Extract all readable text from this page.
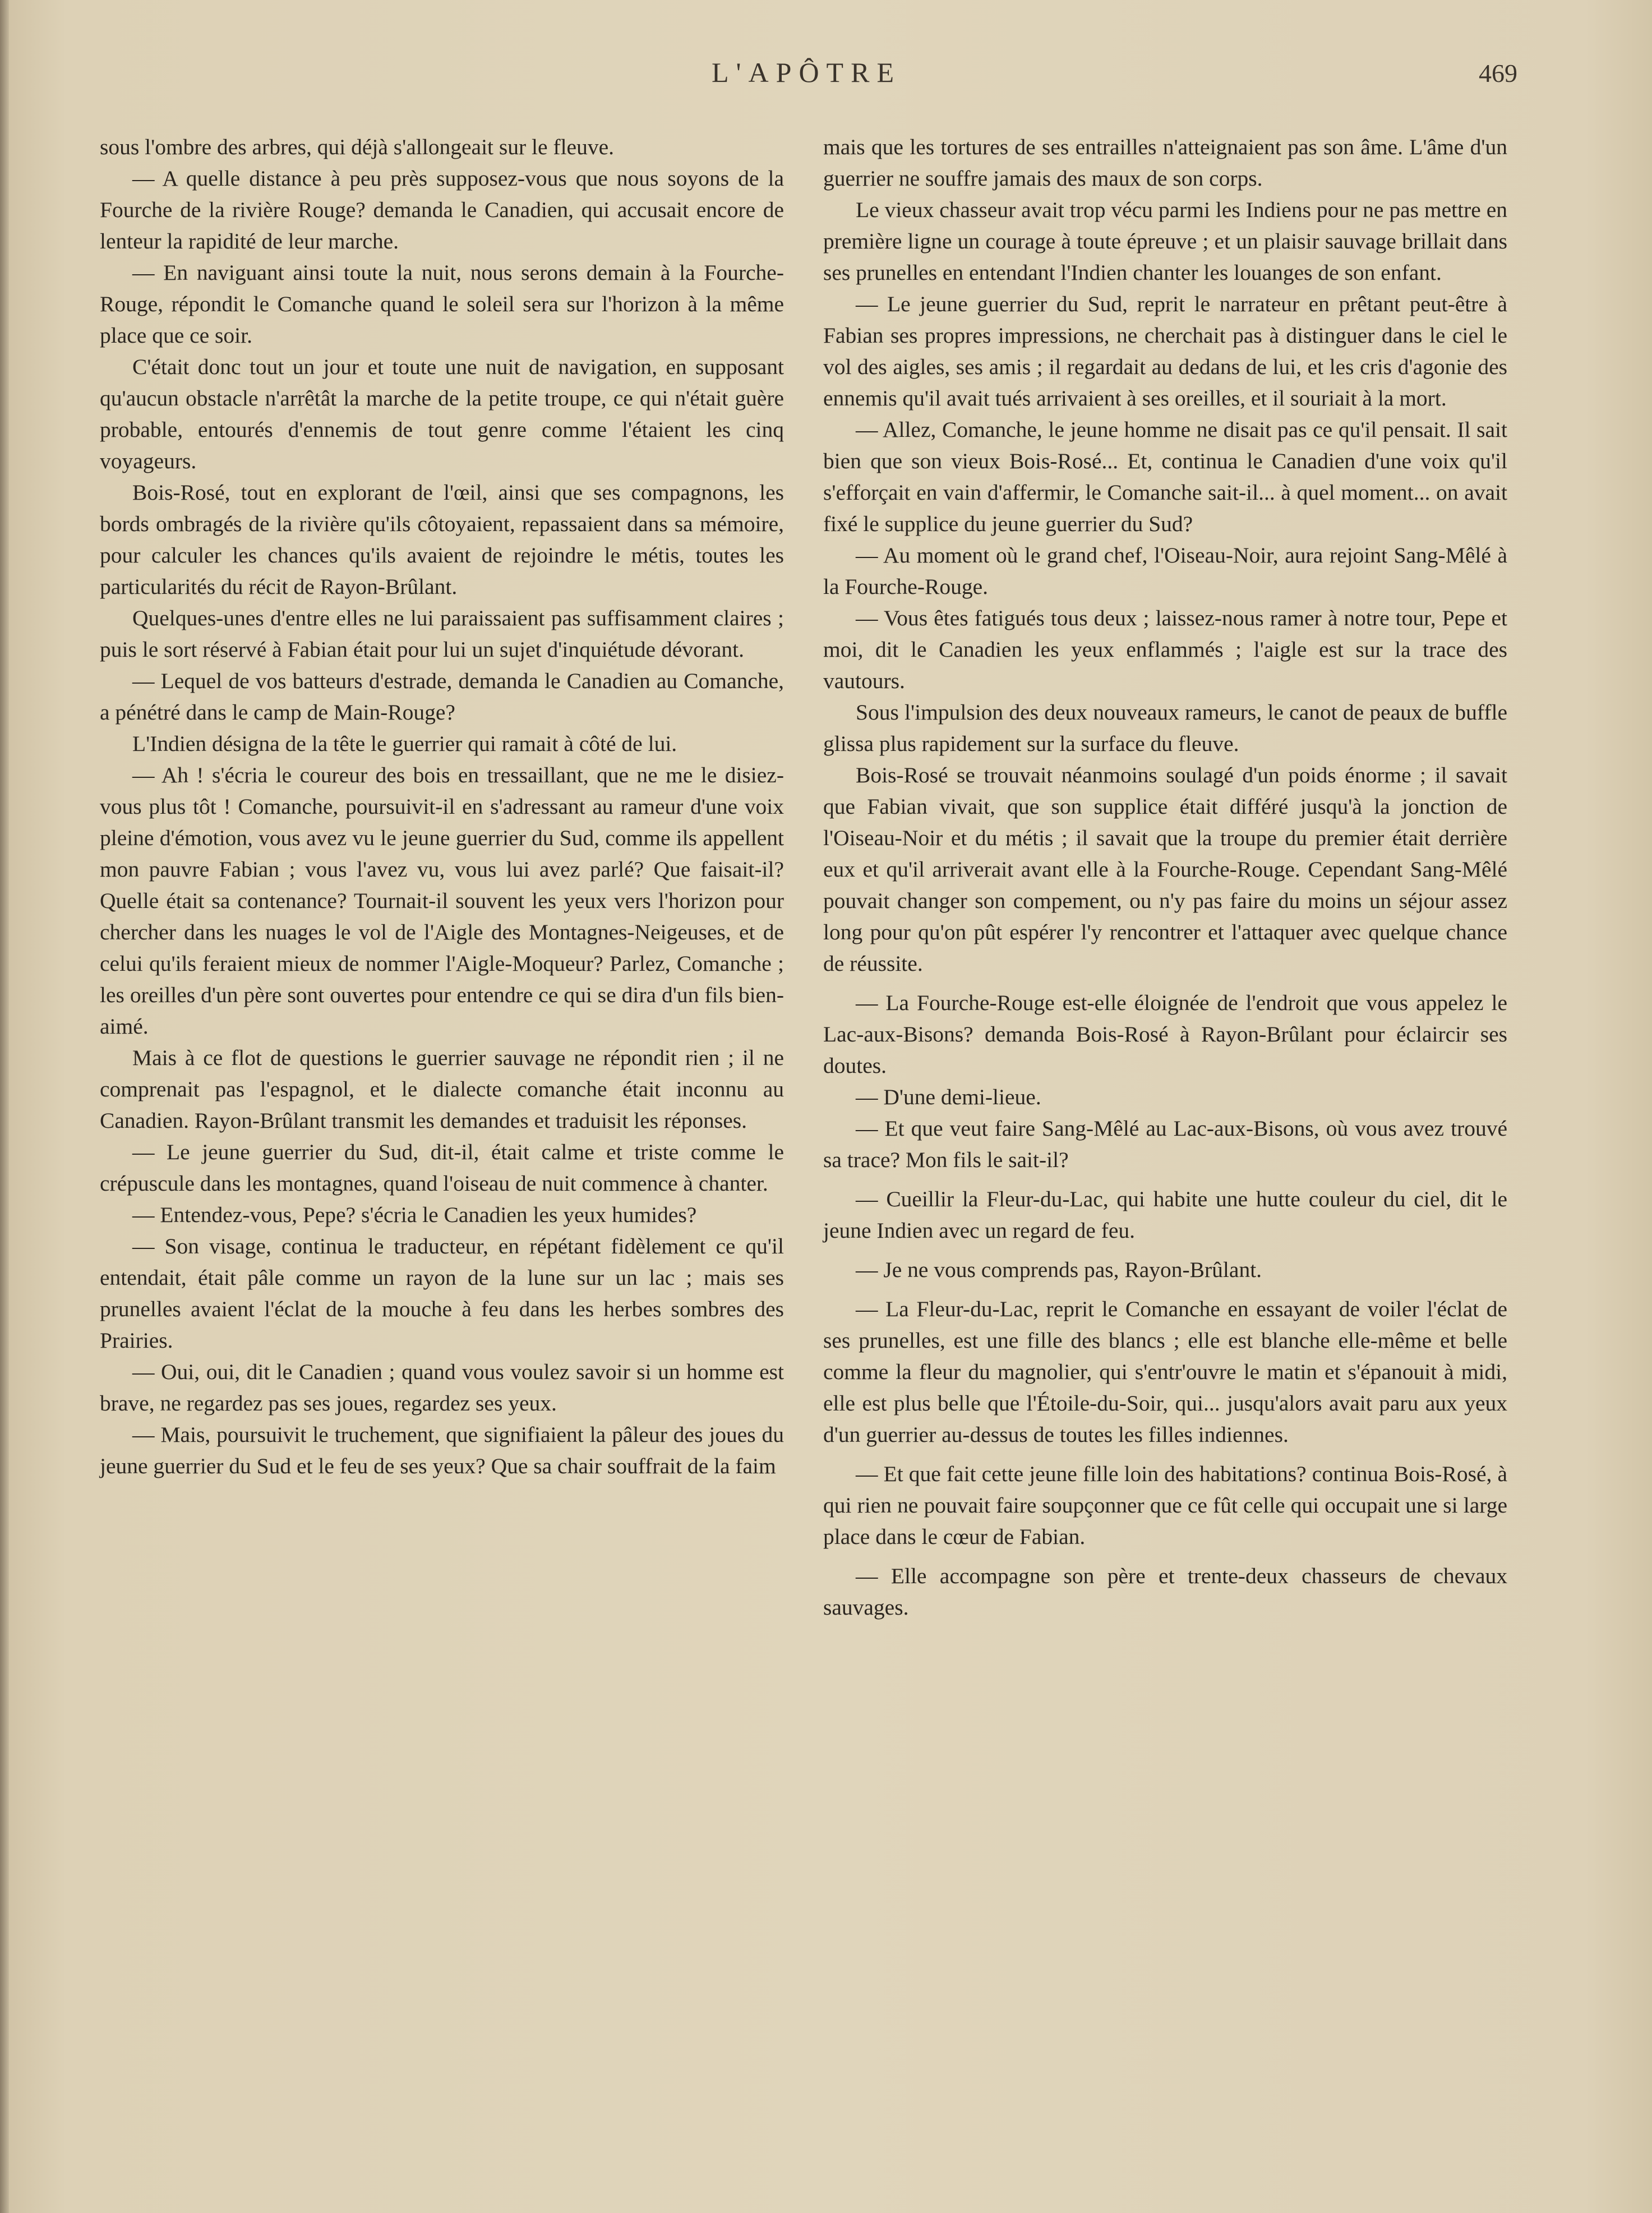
L'APÔTRE	469

sous l'ombre des arbres, qui déjà s'allongeait sur le fleuve.

— A quelle distance à peu près supposez-vous que nous soyons de la Fourche de la rivière Rouge? demanda le Canadien, qui accusait encore de lenteur la rapidité de leur marche.

— En naviguant ainsi toute la nuit, nous serons demain à la Fourche-Rouge, répondit le Comanche quand le soleil sera sur l'horizon à la même place que ce soir.

C'était donc tout un jour et toute une nuit de navigation, en supposant qu'aucun obstacle n'arrêtât la marche de la petite troupe, ce qui n'était guère probable, entourés d'ennemis de tout genre comme l'étaient les cinq voyageurs.

Bois-Rosé, tout en explorant de l'œil, ainsi que ses compagnons, les bords ombragés de la rivière qu'ils côtoyaient, repassaient dans sa mémoire, pour calculer les chances qu'ils avaient de rejoindre le métis, toutes les particularités du récit de Rayon-Brûlant.

Quelques-unes d'entre elles ne lui paraissaient pas suffisamment claires ; puis le sort réservé à Fabian était pour lui un sujet d'inquiétude dévorant.

— Lequel de vos batteurs d'estrade, demanda le Canadien au Comanche, a pénétré dans le camp de Main-Rouge?

L'Indien désigna de la tête le guerrier qui ramait à côté de lui.

— Ah ! s'écria le coureur des bois en tressaillant, que ne me le disiez-vous plus tôt ! Comanche, poursuivit-il en s'adressant au rameur d'une voix pleine d'émotion, vous avez vu le jeune guerrier du Sud, comme ils appellent mon pauvre Fabian ; vous l'avez vu, vous lui avez parlé? Que faisait-il? Quelle était sa contenance? Tournait-il souvent les yeux vers l'horizon pour chercher dans les nuages le vol de l'Aigle des Montagnes-Neigeuses, et de celui qu'ils feraient mieux de nommer l'Aigle-Moqueur? Parlez, Comanche ; les oreilles d'un père sont ouvertes pour entendre ce qui se dira d'un fils bien-aimé.

Mais à ce flot de questions le guerrier sauvage ne répondit rien ; il ne comprenait pas l'espagnol, et le dialecte comanche était inconnu au Canadien. Rayon-Brûlant transmit les demandes et traduisit les réponses.

— Le jeune guerrier du Sud, dit-il, était calme et triste comme le crépuscule dans les montagnes, quand l'oiseau de nuit commence à chanter.

— Entendez-vous, Pepe? s'écria le Canadien les yeux humides?

— Son visage, continua le traducteur, en répétant fidèlement ce qu'il entendait, était pâle comme un rayon de la lune sur un lac ; mais ses prunelles avaient l'éclat de la mouche à feu dans les herbes sombres des Prairies.

— Oui, oui, dit le Canadien ; quand vous voulez savoir si un homme est brave, ne regardez pas ses joues, regardez ses yeux.

— Mais, poursuivit le truchement, que signifiaient la pâleur des joues du jeune guerrier du Sud et le feu de ses yeux? Que sa chair souffrait de la faim

mais que les tortures de ses entrailles n'atteignaient pas son âme. L'âme d'un guerrier ne souffre jamais des maux de son corps.

Le vieux chasseur avait trop vécu parmi les Indiens pour ne pas mettre en première ligne un courage à toute épreuve ; et un plaisir sauvage brillait dans ses prunelles en entendant l'Indien chanter les louanges de son enfant.

— Le jeune guerrier du Sud, reprit le narrateur en prêtant peut-être à Fabian ses propres impressions, ne cherchait pas à distinguer dans le ciel le vol des aigles, ses amis ; il regardait au dedans de lui, et les cris d'agonie des ennemis qu'il avait tués arrivaient à ses oreilles, et il souriait à la mort.

— Allez, Comanche, le jeune homme ne disait pas ce qu'il pensait. Il sait bien que son vieux Bois-Rosé... Et, continua le Canadien d'une voix qu'il s'efforçait en vain d'affermir, le Comanche sait-il... à quel moment... on avait fixé le supplice du jeune guerrier du Sud?

— Au moment où le grand chef, l'Oiseau-Noir, aura rejoint Sang-Mêlé à la Fourche-Rouge.

— Vous êtes fatigués tous deux ; laissez-nous ramer à notre tour, Pepe et moi, dit le Canadien les yeux enflammés ; l'aigle est sur la trace des vautours.

Sous l'impulsion des deux nouveaux rameurs, le canot de peaux de buffle glissa plus rapidement sur la surface du fleuve.

Bois-Rosé se trouvait néanmoins soulagé d'un poids énorme ; il savait que Fabian vivait, que son supplice était différé jusqu'à la jonction de l'Oiseau-Noir et du métis ; il savait que la troupe du premier était derrière eux et qu'il arriverait avant elle à la Fourche-Rouge. Cependant Sang-Mêlé pouvait changer son compement, ou n'y pas faire du moins un séjour assez long pour qu'on pût espérer l'y rencontrer et l'attaquer avec quelque chance de réussite.

— La Fourche-Rouge est-elle éloignée de l'endroit que vous appelez le Lac-aux-Bisons? demanda Bois-Rosé à Rayon-Brûlant pour éclaircir ses doutes.

— D'une demi-lieue.

— Et que veut faire Sang-Mêlé au Lac-aux-Bisons, où vous avez trouvé sa trace? Mon fils le sait-il?

— Cueillir la Fleur-du-Lac, qui habite une hutte couleur du ciel, dit le jeune Indien avec un regard de feu.

— Je ne vous comprends pas, Rayon-Brûlant.

— La Fleur-du-Lac, reprit le Comanche en essayant de voiler l'éclat de ses prunelles, est une fille des blancs ; elle est blanche elle-même et belle comme la fleur du magnolier, qui s'entr'ouvre le matin et s'épanouit à midi, elle est plus belle que l'Étoile-du-Soir, qui... jusqu'alors avait paru aux yeux d'un guerrier au-dessus de toutes les filles indiennes.

— Et que fait cette jeune fille loin des habitations? continua Bois-Rosé, à qui rien ne pouvait faire soupçonner que ce fût celle qui occupait une si large place dans le cœur de Fabian.

— Elle accompagne son père et trente-deux chasseurs de chevaux sauvages.
